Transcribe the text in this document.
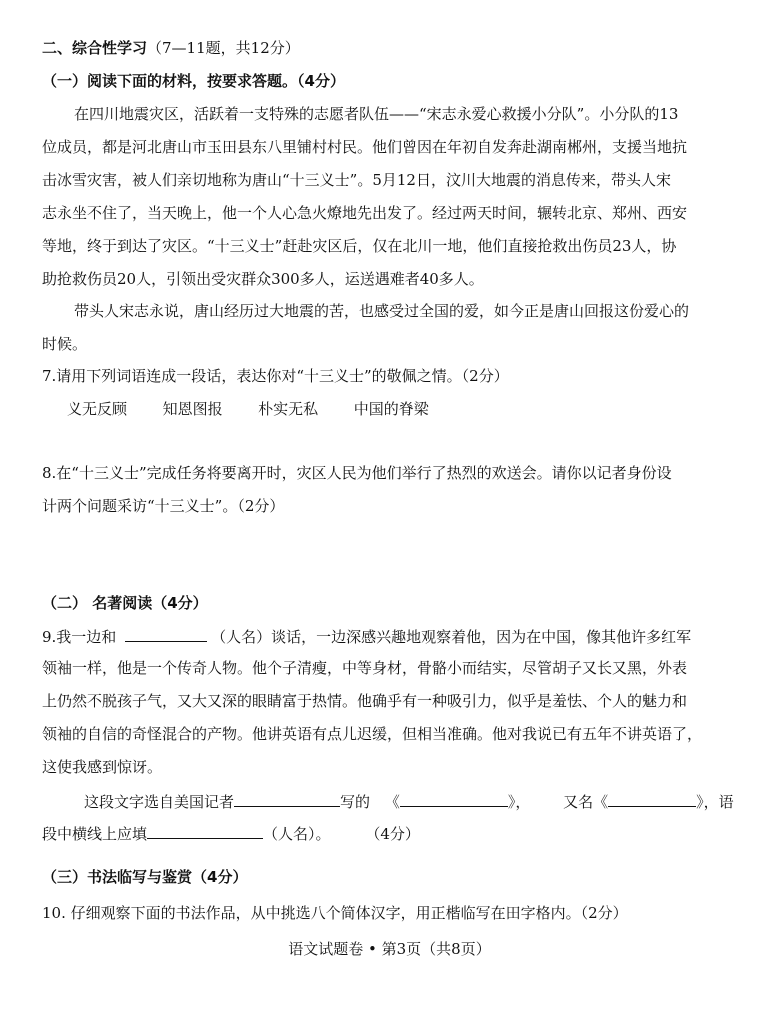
二、综合性学习（7—11题，共12分）
（一）阅读下面的材料，按要求答题。（4分）
在四川地震灾区，活跃着一支特殊的志愿者队伍——“宋志永爱心救援小分队”。小分队的13
位成员，都是河北唐山市玉田县东八里铺村村民。他们曾因在年初自发奔赴湖南郴州，支援当地抗
击冰雪灾害，被人们亲切地称为唐山“十三义士”。5月12日，汶川大地震的消息传来，带头人宋
志永坐不住了，当天晚上，他一个人心急火燎地先出发了。经过两天时间，辗转北京、郑州、西安
等地，终于到达了灾区。“十三义士”赶赴灾区后，仅在北川一地，他们直接抢救出伤员23人，协
助抢救伤员20人，引领出受灾群众300多人，运送遇难者40多人。
带头人宋志永说，唐山经历过大地震的苦，也感受过全国的爱，如今正是唐山回报这份爱心的
时候。
7.请用下列词语连成一段话，表达你对“十三义士”的敬佩之情。（2分）
义无反顾 知恩图报 朴实无私 中国的脊梁
8.在“十三义士”完成任务将要离开时，灾区人民为他们举行了热烈的欢送会。请你以记者身份设
计两个问题采访“十三义士”。（2分）
（二） 名著阅读（4分）
9.我一边和	（人名）谈话，一边深感兴趣地观察着他，因为在中国，像其他许多红军
领袖一样，他是一个传奇人物。他个子清瘦，中等身材，骨骼小而结实，尽管胡子又长又黑，外表
上仍然不脱孩子气，又大又深的眼睛富于热情。他确乎有一种吸引力，似乎是羞怯、个人的魅力和
领袖的自信的奇怪混合的产物。他讲英语有点儿迟缓，但相当准确。他对我说已有五年不讲英语了，
这使我感到惊讶。
这段文字选自美国记者	写的 《	》， 又名《	》，语
段中横线上应填	（人名）。 （4分）
（三）书法临写与鉴赏（4分）
10. 仔细观察下面的书法作品，从中挑选八个简体汉字，用正楷临写在田字格内。（2分）
语文试题卷 • 第3页（共8页）
